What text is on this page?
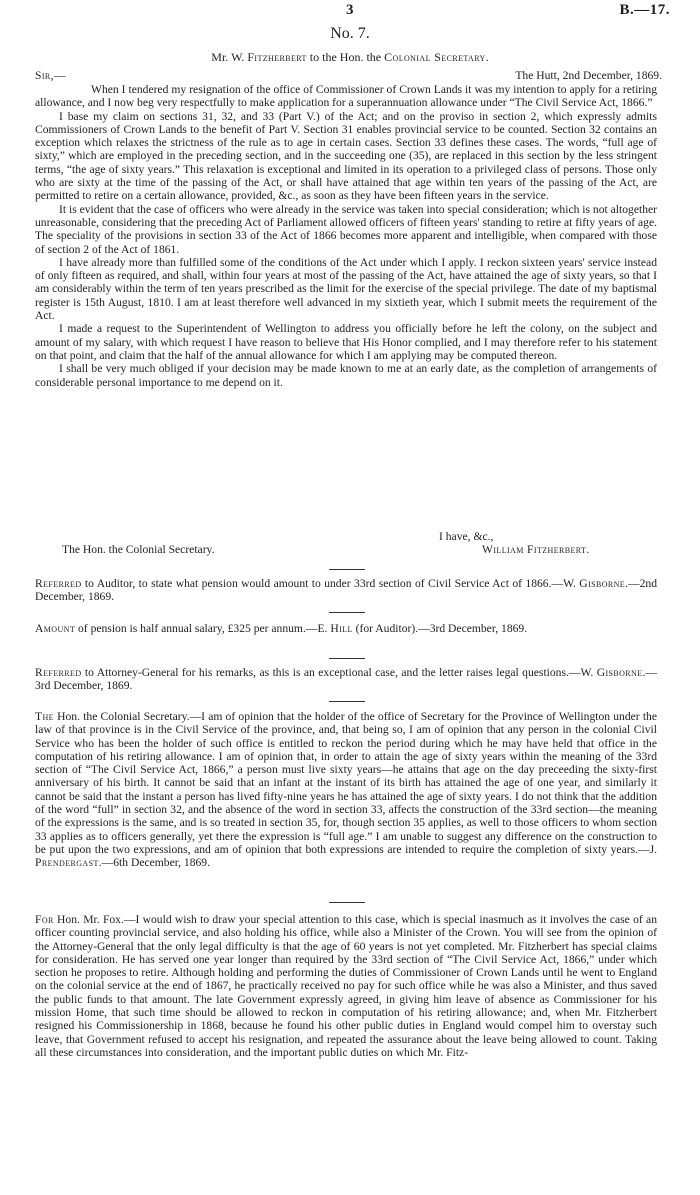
3	B.—17.
No. 7.
Mr. W. Fitzherbert to the Hon. the Colonial Secretary.
Sir,—	The Hutt, 2nd December, 1869.

When I tendered my resignation of the office of Commissioner of Crown Lands it was my intention to apply for a retiring allowance, and I now beg very respectfully to make application for a superannuation allowance under “The Civil Service Act, 1866.”

I base my claim on sections 31, 32, and 33 (Part V.) of the Act; and on the proviso in section 2, which expressly admits Commissioners of Crown Lands to the benefit of Part V. Section 31 enables provincial service to be counted. Section 32 contains an exception which relaxes the strictness of the rule as to age in certain cases. Section 33 defines these cases. The words, “full age of sixty,” which are employed in the preceding section, and in the succeeding one (35), are replaced in this section by the less stringent terms, “the age of sixty years.” This relaxation is exceptional and limited in its operation to a privileged class of persons. Those only who are sixty at the time of the passing of the Act, or shall have attained that age within ten years of the passing of the Act, are permitted to retire on a certain allowance, provided, &c., as soon as they have been fifteen years in the service.

It is evident that the case of officers who were already in the service was taken into special consideration; which is not altogether unreasonable, considering that the preceding Act of Parliament allowed officers of fifteen years' standing to retire at fifty years of age. The speciality of the provisions in section 33 of the Act of 1866 becomes more apparent and intelligible, when compared with those of section 2 of the Act of 1861.

I have already more than fulfilled some of the conditions of the Act under which I apply. I reckon sixteen years' service instead of only fifteen as required, and shall, within four years at most of the passing of the Act, have attained the age of sixty years, so that I am considerably within the term of ten years prescribed as the limit for the exercise of the special privilege. The date of my baptismal register is 15th August, 1810. I am at least therefore well advanced in my sixtieth year, which I submit meets the requirement of the Act.

I made a request to the Superintendent of Wellington to address you officially before he left the colony, on the subject and amount of my salary, with which request I have reason to believe that His Honor complied, and I may therefore refer to his statement on that point, and claim that the half of the annual allowance for which I am applying may be computed thereon.

I shall be very much obliged if your decision may be made known to me at an early date, as the completion of arrangements of considerable personal importance to me depend on it.

I have, &c.,
The Hon. the Colonial Secretary.	William Fitzherbert.

Referred to Auditor, to state what pension would amount to under 33rd section of Civil Service Act of 1866.—W. Gisborne.—2nd December, 1869.

Amount of pension is half annual salary, £325 per annum.—E. Hill (for Auditor).—3rd December, 1869.

Referred to Attorney-General for his remarks, as this is an exceptional case, and the letter raises legal questions.—W. Gisborne.—3rd December, 1869.

The Hon. the Colonial Secretary.—I am of opinion that the holder of the office of Secretary for the Province of Wellington under the law of that province is in the Civil Service of the province, and, that being so, I am of opinion that any person in the colonial Civil Service who has been the holder of such office is entitled to reckon the period during which he may have held that office in the computation of his retiring allowance. I am of opinion that, in order to attain the age of sixty years within the meaning of the 33rd section of “The Civil Service Act, 1866,” a person must live sixty years—he attains that age on the day preceeding the sixty-first anniversary of his birth. It cannot be said that an infant at the instant of its birth has attained the age of one year, and similarly it cannot be said that the instant a person has lived fifty-nine years he has attained the age of sixty years. I do not think that the addition of the word “full” in section 32, and the absence of the word in section 33, affects the construction of the 33rd section—the meaning of the expressions is the same, and is so treated in section 35, for, though section 35 applies, as well to those officers to whom section 33 applies as to officers generally, yet there the expression is “full age.” I am unable to suggest any difference on the construction to be put upon the two expressions, and am of opinion that both expressions are intended to require the completion of sixty years.—J. Prendergast.—6th December, 1869.

For Hon. Mr. Fox.—I would wish to draw your special attention to this case, which is special inasmuch as it involves the case of an officer counting provincial service, and also holding his office, while also a Minister of the Crown. You will see from the opinion of the Attorney-General that the only legal difficulty is that the age of 60 years is not yet completed. Mr. Fitzherbert has special claims for consideration. He has served one year longer than required by the 33rd section of “The Civil Service Act, 1866,” under which section he proposes to retire. Although holding and performing the duties of Commissioner of Crown Lands until he went to England on the colonial service at the end of 1867, he practically received no pay for such office while he was also a Minister, and thus saved the public funds to that amount. The late Government expressly agreed, in giving him leave of absence as Commissioner for his mission Home, that such time should be allowed to reckon in computation of his retiring allowance; and, when Mr. Fitzherbert resigned his Commissionership in 1868, because he found his other public duties in England would compel him to overstay such leave, that Government refused to accept his resignation, and repeated the assurance about the leave being allowed to count. Taking all these circumstances into consideration, and the important public duties on which Mr. Fitz-
